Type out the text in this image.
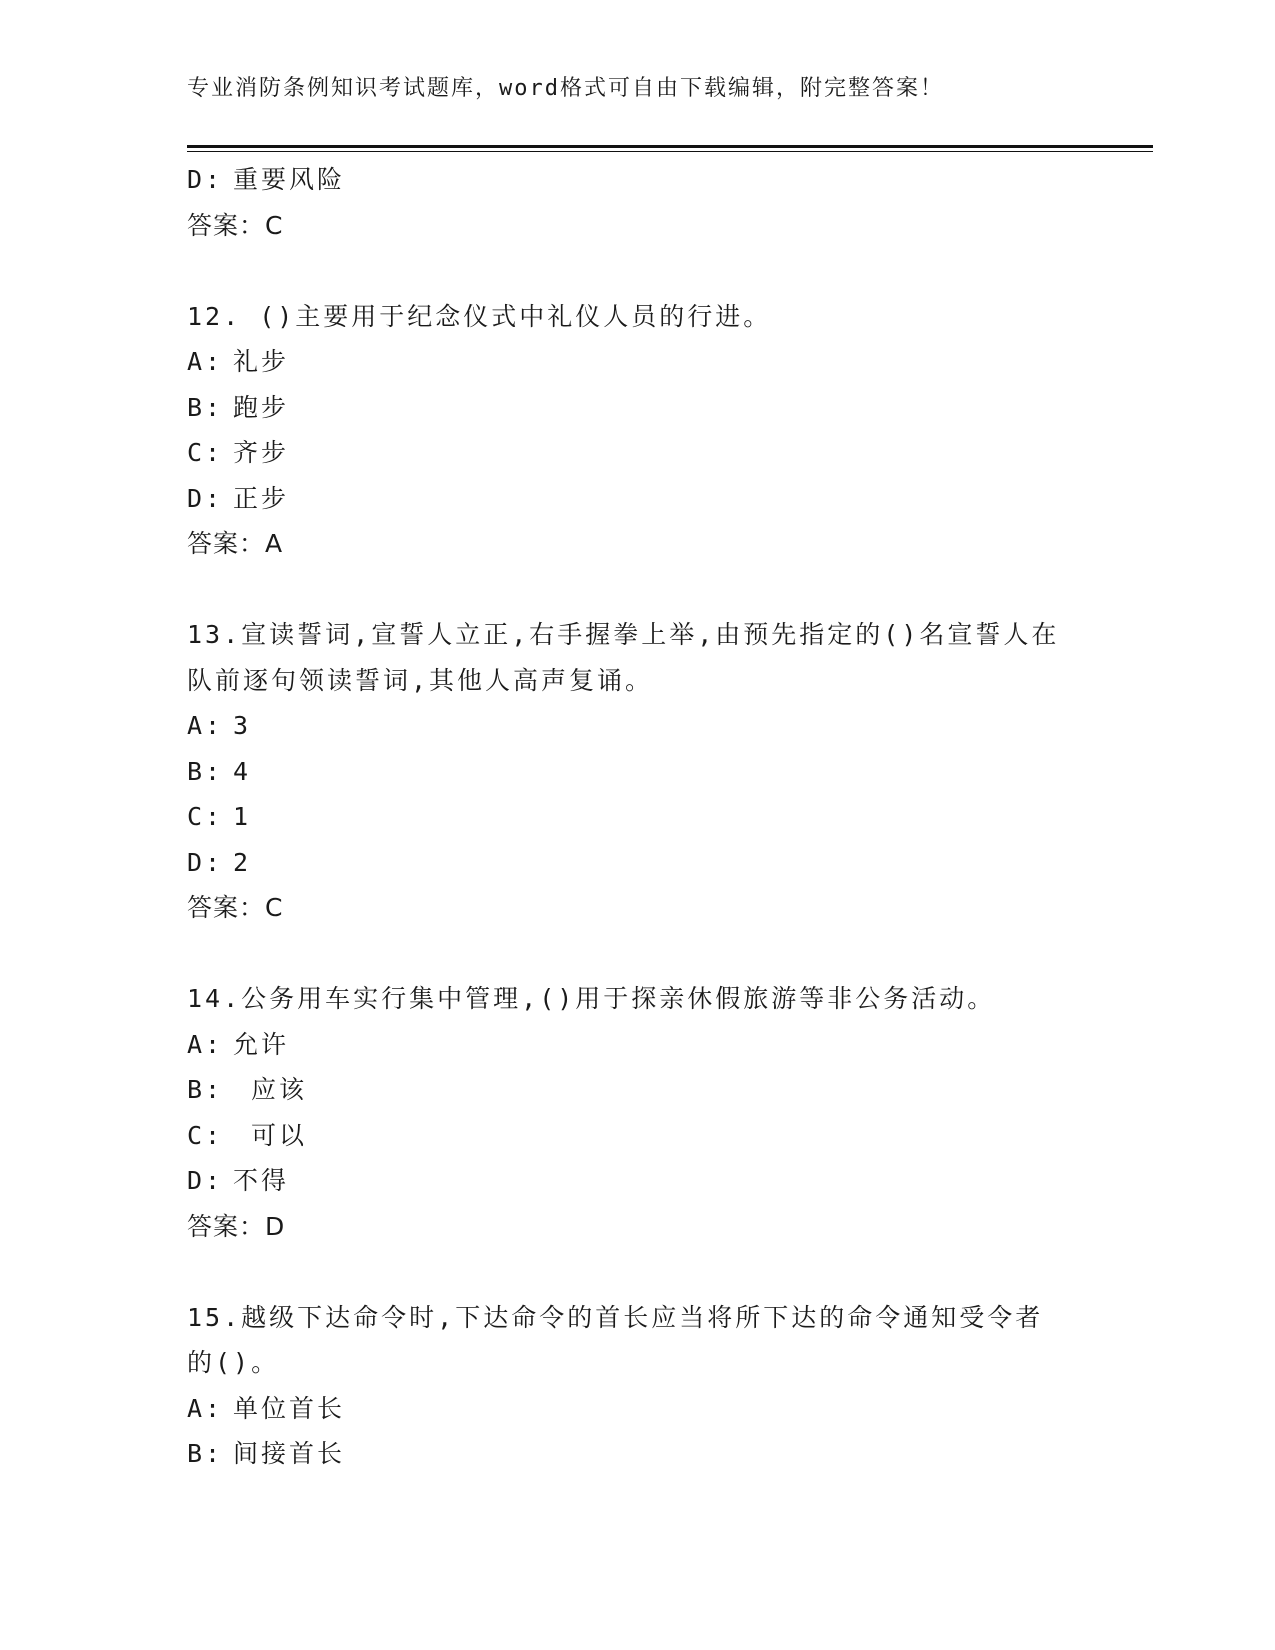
专业消防条例知识考试题库，word格式可自由下载编辑，附完整答案！
D: 重要风险
答案：C
12. ()主要用于纪念仪式中礼仪人员的行进。
A: 礼步
B: 跑步
C: 齐步
D: 正步
答案：A
13.宣读誓词,宣誓人立正,右手握拳上举,由预先指定的()名宣誓人在队前逐句领读誓词,其他人高声复诵。
A: 3
B: 4
C: 1
D: 2
答案：C
14.公务用车实行集中管理,()用于探亲休假旅游等非公务活动。
A: 允许
B: 应该
C: 可以
D: 不得
答案：D
15.越级下达命令时,下达命令的首长应当将所下达的命令通知受令者的()。
A: 单位首长
B: 间接首长
